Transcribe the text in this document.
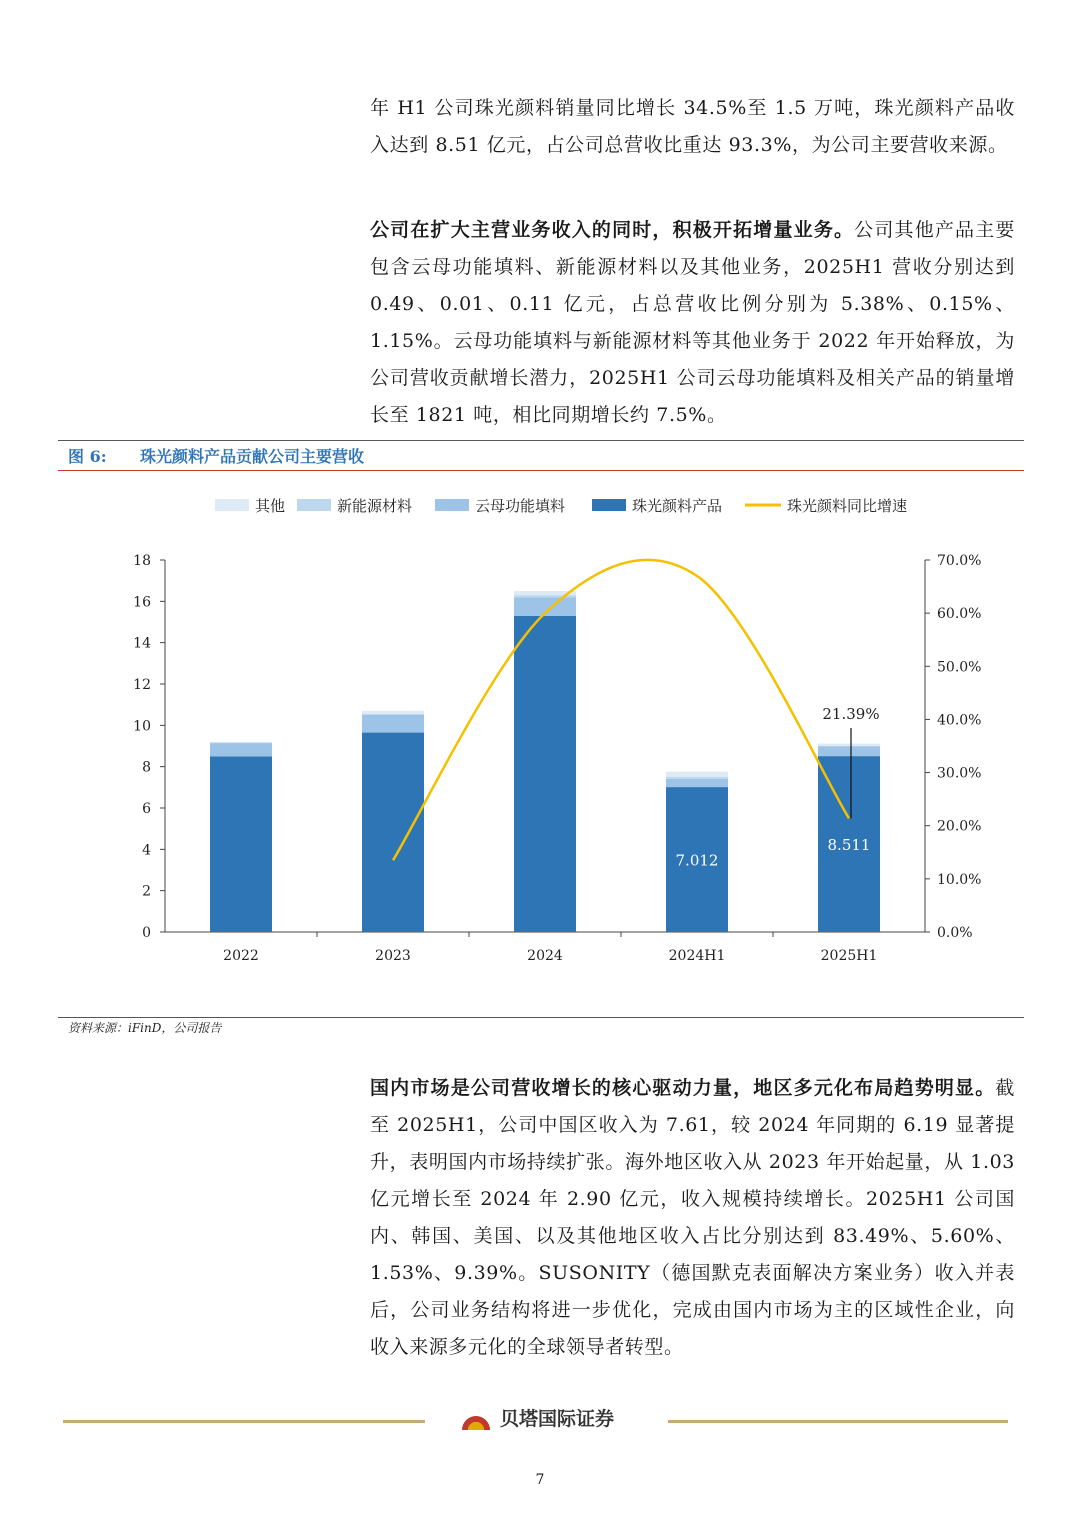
年 H1 公司珠光颜料销量同比增长 34.5%至 1.5 万吨，珠光颜料产品收入达到 8.51 亿元，占公司总营收比重达 93.3%，为公司主要营收来源。

公司在扩大主营业务收入的同时，积极开拓增量业务。公司其他产品主要包含云母功能填料、新能源材料以及其他业务，2025H1 营收分别达到 0.49、0.01、0.11 亿元，占总营收比例分别为 5.38%、0.15%、1.15%。云母功能填料与新能源材料等其他业务于 2022 年开始释放，为公司营收贡献增长潜力，2025H1 公司云母功能填料及相关产品的销量增长至 1821 吨，相比同期增长约 7.5%。

图 6: 珠光颜料产品贡献公司主要营收
其他	新能源材料	云母功能填料	珠光颜料产品	珠光颜料同比增速
0
2
4
6
8
10
12
14
16
18
0.0%
10.0%
20.0%
30.0%
40.0%
50.0%
60.0%
70.0%
2022	2023	2024	2024H1	2025H1
7.012
8.511
21.39%
资料来源：iFinD，公司报告

国内市场是公司营收增长的核心驱动力量，地区多元化布局趋势明显。截至 2025H1，公司中国区收入为 7.61，较 2024 年同期的 6.19 显著提升，表明国内市场持续扩张。海外地区收入从 2023 年开始起量，从 1.03 亿元增长至 2024 年 2.90 亿元，收入规模持续增长。2025H1 公司国内、韩国、美国、以及其他地区收入占比分别达到 83.49%、5.60%、1.53%、9.39%。SUSONITY（德国默克表面解决方案业务）收入并表后，公司业务结构将进一步优化，完成由国内市场为主的区域性企业，向收入来源多元化的全球领导者转型。

贝塔国际证券
7
